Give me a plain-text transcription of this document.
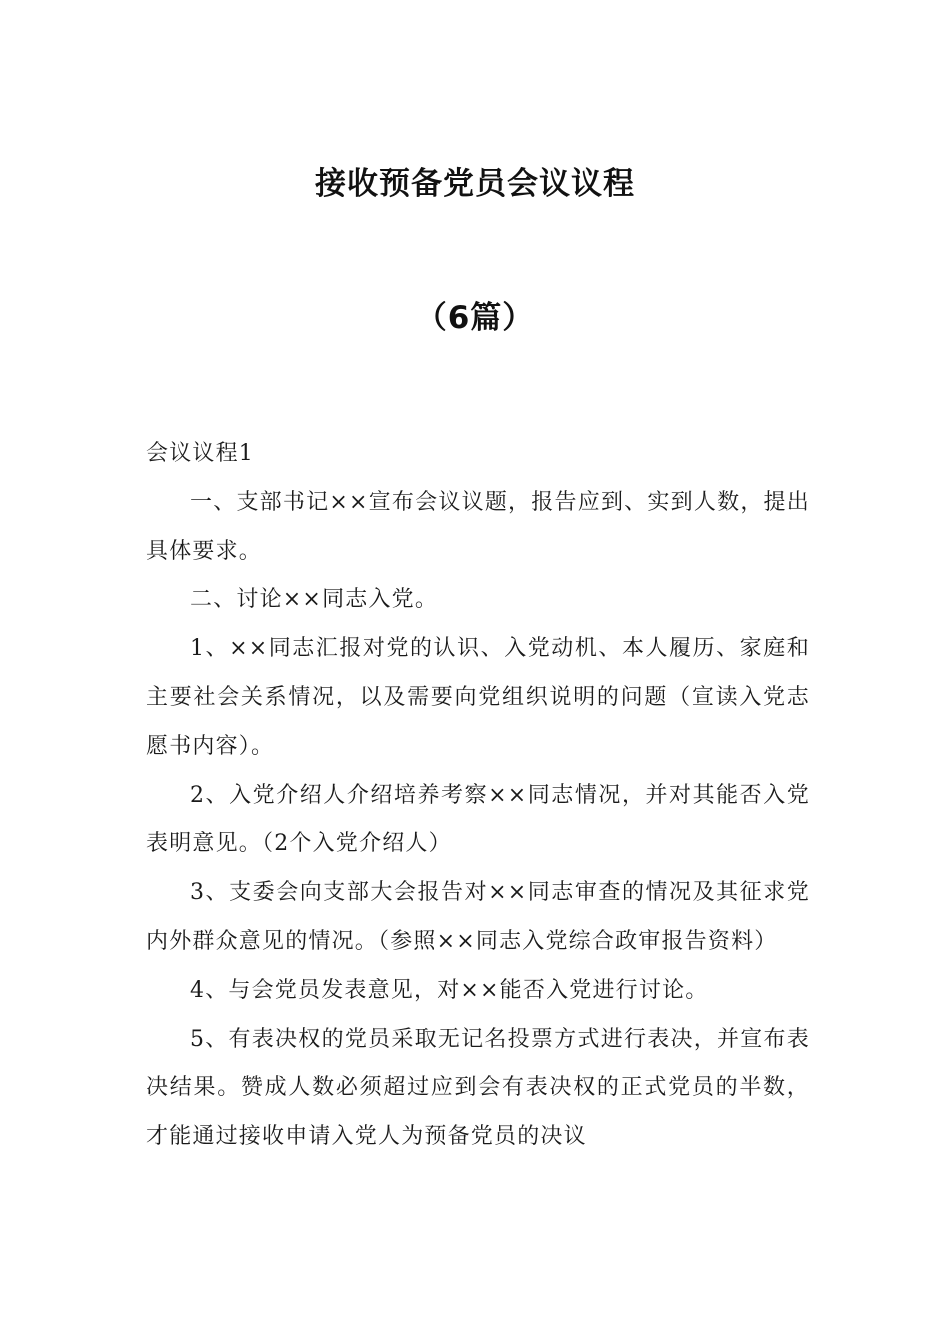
接收预备党员会议议程
（6篇）

会议议程1

一、支部书记××宣布会议议题，报告应到、实到人数，提出具体要求。

二、讨论××同志入党。

1、××同志汇报对党的认识、入党动机、本人履历、家庭和主要社会关系情况，以及需要向党组织说明的问题（宣读入党志愿书内容）。

2、入党介绍人介绍培养考察××同志情况，并对其能否入党表明意见。（2个入党介绍人）

3、支委会向支部大会报告对××同志审查的情况及其征求党内外群众意见的情况。（参照××同志入党综合政审报告资料）

4、与会党员发表意见，对××能否入党进行讨论。

5、有表决权的党员采取无记名投票方式进行表决，并宣布表决结果。赞成人数必须超过应到会有表决权的正式党员的半数，才能通过接收申请入党人为预备党员的决议
